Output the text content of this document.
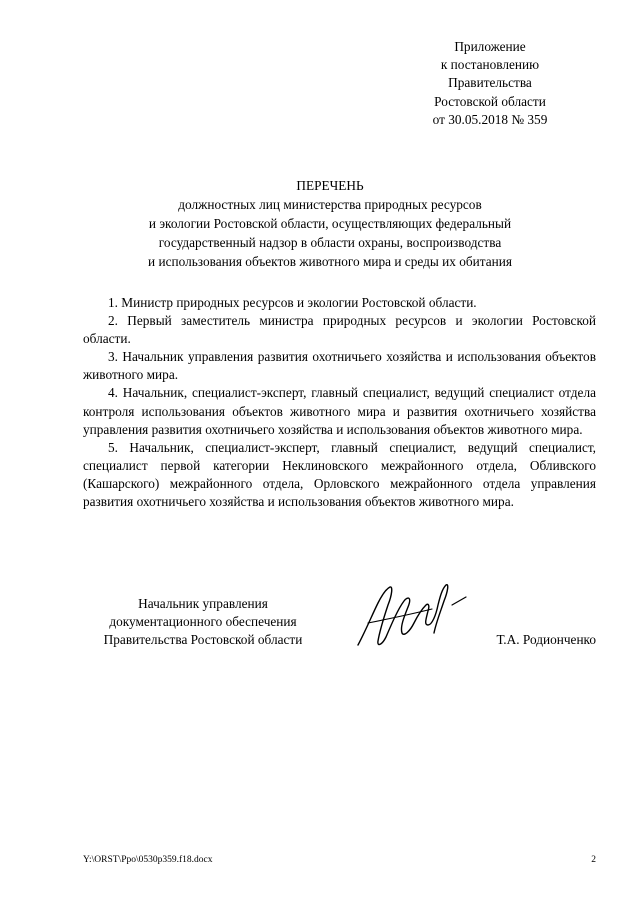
Приложение
к постановлению
Правительства
Ростовской области
от 30.05.2018 № 359
ПЕРЕЧЕНЬ
должностных лиц министерства природных ресурсов
и экологии Ростовской области, осуществляющих федеральный
государственный надзор в области охраны, воспроизводства
и использования объектов животного мира и среды их обитания

1. Министр природных ресурсов и экологии Ростовской области.

2. Первый заместитель министра природных ресурсов и экологии Ростовской области.

3. Начальник управления развития охотничьего хозяйства и использования объектов животного мира.

4. Начальник, специалист-эксперт, главный специалист, ведущий специалист отдела контроля использования объектов животного мира и развития охотничьего хозяйства управления развития охотничьего хозяйства и использования объектов животного мира.

5. Начальник, специалист-эксперт, главный специалист, ведущий специалист, специалист первой категории Неклиновского межрайонного отдела, Обливского (Кашарского) межрайонного отдела, Орловского межрайонного отдела управления развития охотничьего хозяйства и использования объектов животного мира.

Начальник управления
документационного обеспечения
Правительства Ростовской области	Т.А. Родионченко
Y:\ORST\Ppo\0530p359.f18.docx	2
